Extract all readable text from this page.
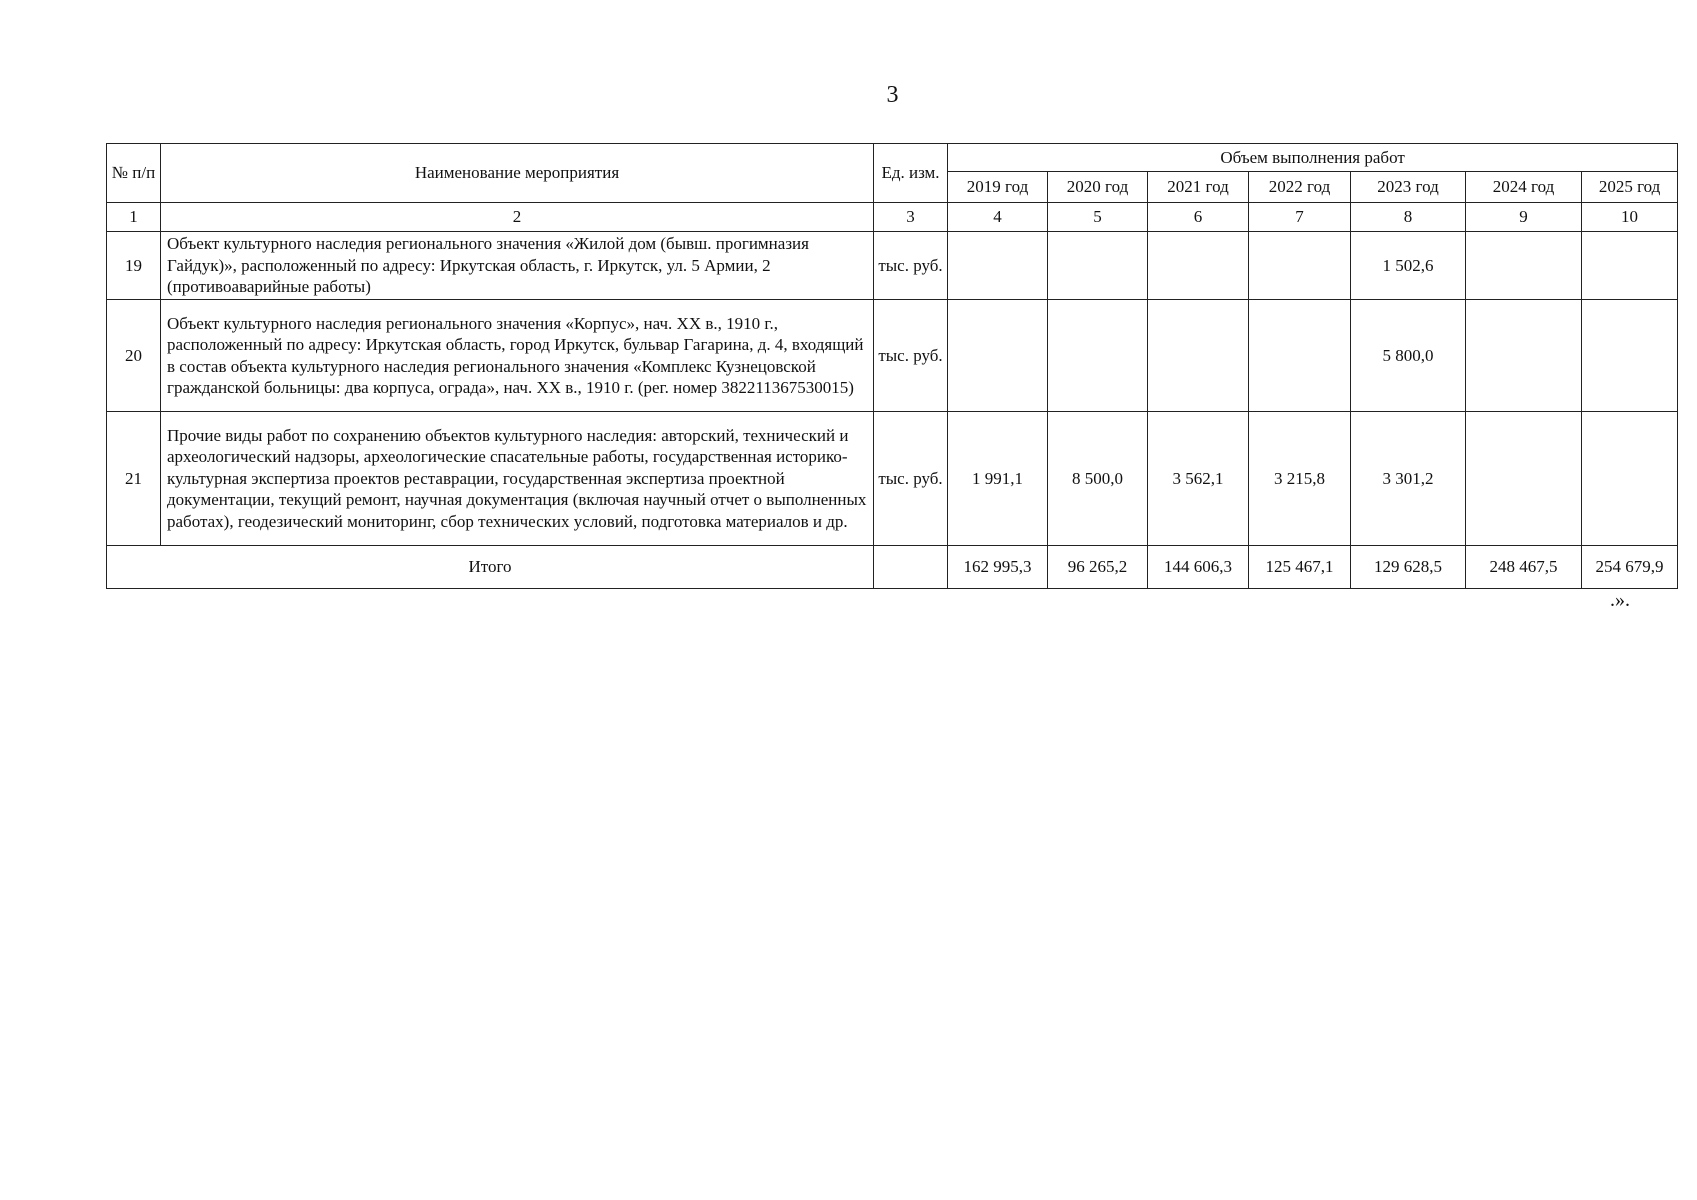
3
№ п/п	Наименование мероприятия	Ед. изм.	Объем выполнения работ						
			2019 год	2020 год	2021 год	2022 год	2023 год	2024 год	2025 год
1	2	3	4	5	6	7	8	9	10
19	Объект культурного наследия регионального значения «Жилой дом (бывш. прогимназия Гайдук)», расположенный по адресу: Иркутская область, г. Иркутск, ул. 5 Армии, 2 (противоаварийные работы)	тыс. руб.					1 502,6		
20	Объект культурного наследия регионального значения «Корпус», нач. XX в., 1910 г., расположенный по адресу: Иркутская область, город Иркутск, бульвар Гагарина, д. 4, входящий в состав объекта культурного наследия регионального значения «Комплекс Кузнецовской гражданской больницы: два корпуса, ограда», нач. XX в., 1910 г. (рег. номер 382211367530015)	тыс. руб.					5 800,0		
21	Прочие виды работ по сохранению объектов культурного наследия: авторский, технический и археологический надзоры, археологические спасательные работы, государственная историко-культурная экспертиза проектов реставрации, государственная экспертиза проектной документации, текущий ремонт, научная документация (включая научный отчет о выполненных работах), геодезический мониторинг, сбор технических условий, подготовка материалов и др.	тыс. руб.	1 991,1	8 500,0	3 562,1	3 215,8	3 301,2		
Итого			162 995,3	96 265,2	144 606,3	125 467,1	129 628,5	248 467,5	254 679,9
.».
